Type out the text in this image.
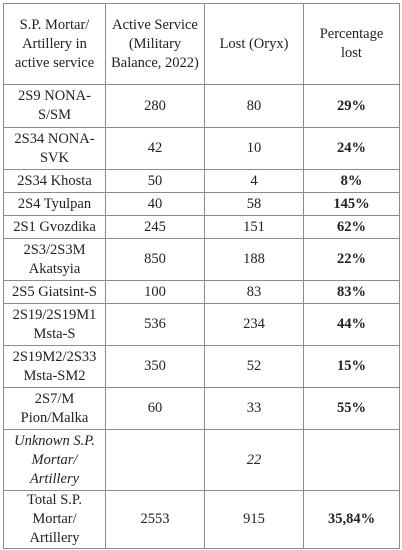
S.P. Mortar/ Artillery in active service	Active Service (Military Balance, 2022)	Lost (Oryx)	Percentage lost
2S9 NONA-S/SM	280	80	29%
2S34 NONA-SVK	42	10	24%
2S34 Khosta	50	4	8%
2S4 Tyulpan	40	58	145%
2S1 Gvozdika	245	151	62%
2S3/2S3M Akatsyia	850	188	22%
2S5 Giatsint-S	100	83	83%
2S19/2S19M1 Msta-S	536	234	44%
2S19M2/2S33 Msta-SM2	350	52	15%
2S7/M Pion/Malka	60	33	55%
Unknown S.P. Mortar/ Artillery		22	
Total S.P. Mortar/ Artillery	2553	915	35,84%
